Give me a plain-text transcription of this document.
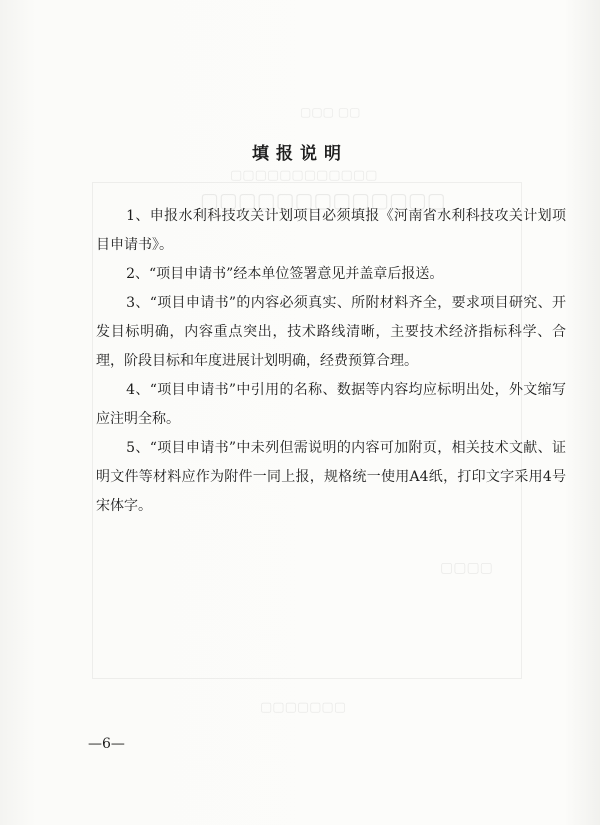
▢▢▢ ▢▢
▢▢▢▢▢▢▢▢▢▢▢▢
▢▢▢▢▢▢▢▢▢▢▢▢▢
▢▢▢▢
▢▢▢▢▢▢▢
填报说明

1、申报水利科技攻关计划项目必须填报《河南省水利科技攻关计划项目申请书》。

2、“项目申请书”经本单位签署意见并盖章后报送。

3、“项目申请书”的内容必须真实、所附材料齐全，要求项目研究、开发目标明确，内容重点突出，技术路线清晰，主要技术经济指标科学、合理，阶段目标和年度进展计划明确，经费预算合理。

4、“项目申请书”中引用的名称、数据等内容均应标明出处，外文缩写应注明全称。

5、“项目申请书”中未列但需说明的内容可加附页，相关技术文献、证明文件等材料应作为附件一同上报，规格统一使用A4纸，打印文字采用4号宋体字。

—6—
